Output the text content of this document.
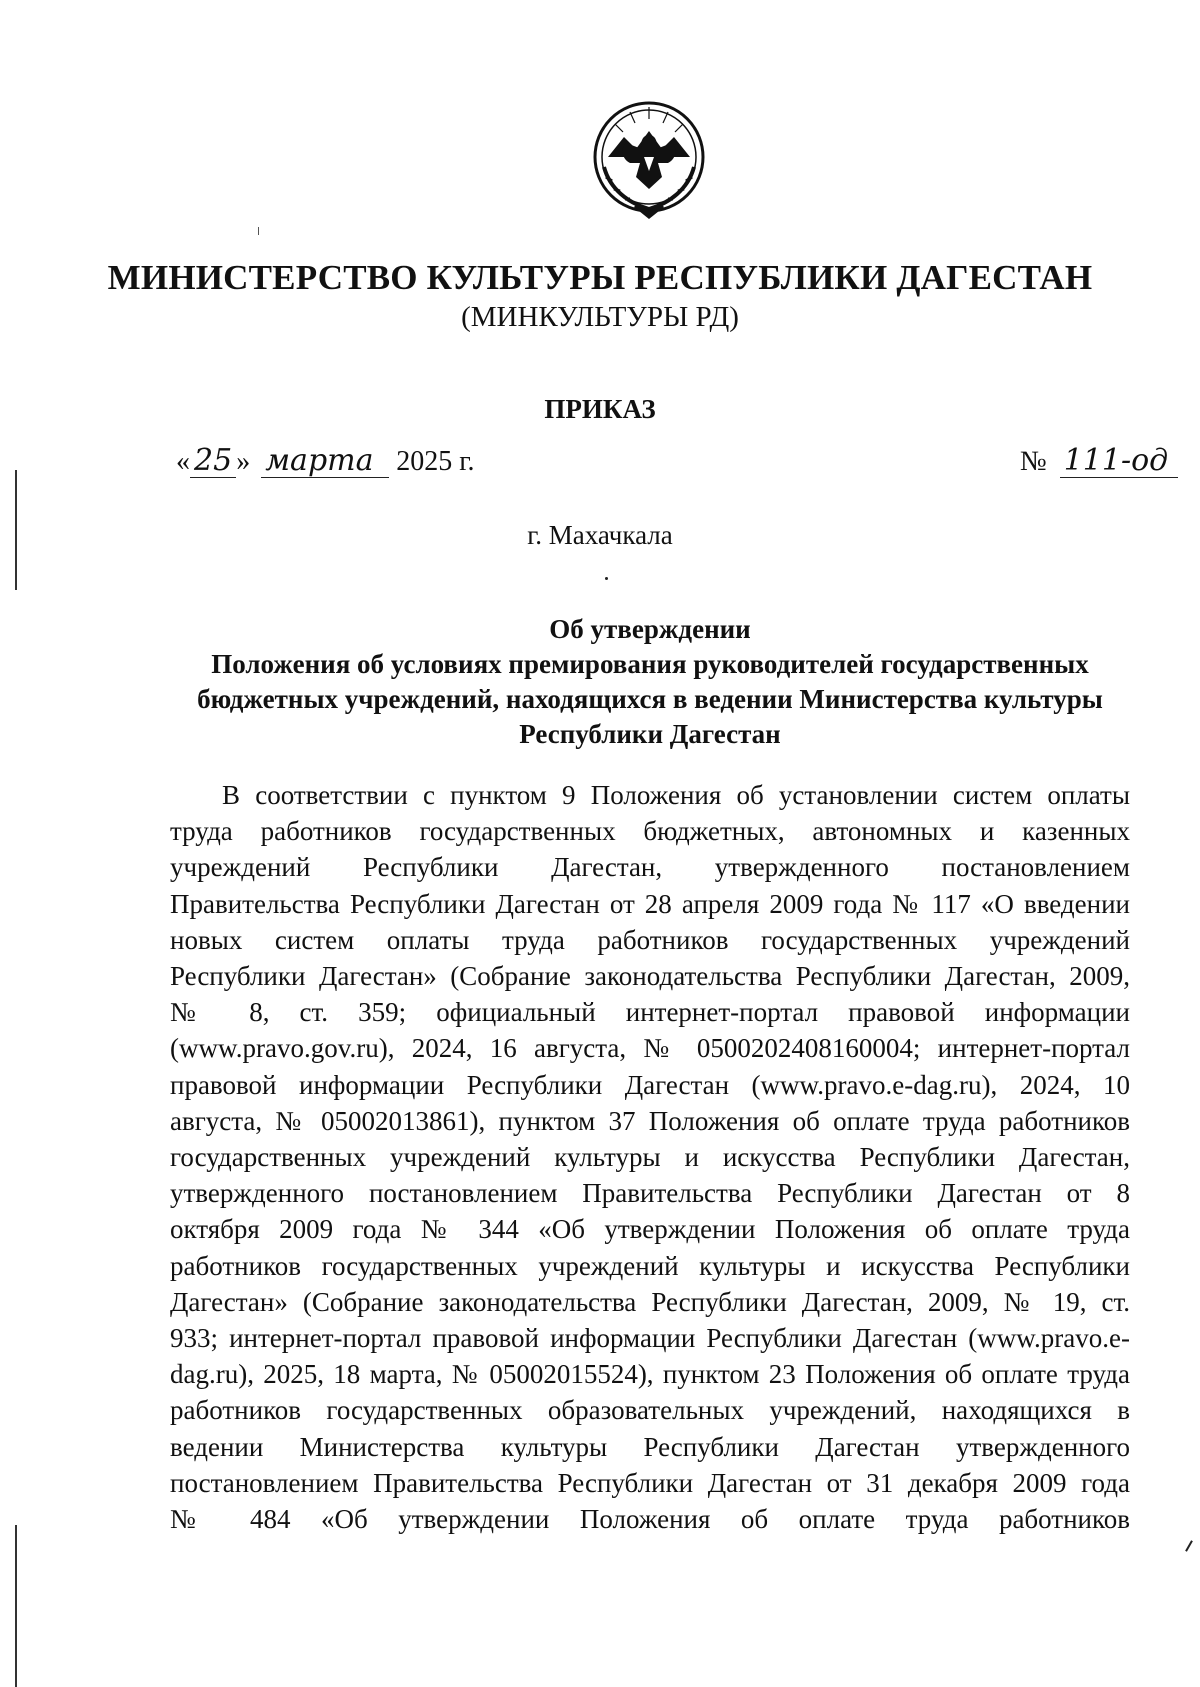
МИНИСТЕРСТВО КУЛЬТУРЫ РЕСПУБЛИКИ ДАГЕСТАН
(МИНКУЛЬТУРЫ РД)
ПРИКАЗ
« 25 » марта 2025 г.	№ 111-од
г. Махачкала
Об утверждении
Положения об условиях премирования руководителей государственных
бюджетных учреждений, находящихся в ведении Министерства культуры
Республики Дагестан
В соответствии с пунктом 9 Положения об установлении систем оплаты
труда работников государственных бюджетных, автономных и казенных
учреждений Республики Дагестан, утвержденного постановлением
Правительства Республики Дагестан от 28 апреля 2009 года № 117 «О введении
новых систем оплаты труда работников государственных учреждений
Республики Дагестан» (Собрание законодательства Республики Дагестан, 2009,
№ 8, ст. 359; официальный интернет-портал правовой информации
(www.pravo.gov.ru), 2024, 16 августа, № 0500202408160004; интернет-портал
правовой информации Республики Дагестан (www.pravo.e-dag.ru), 2024, 10
августа, № 05002013861), пунктом 37 Положения об оплате труда работников
государственных учреждений культуры и искусства Республики Дагестан,
утвержденного постановлением Правительства Республики Дагестан от 8
октября 2009 года № 344 «Об утверждении Положения об оплате труда
работников государственных учреждений культуры и искусства Республики
Дагестан» (Собрание законодательства Республики Дагестан, 2009, № 19, ст.
933; интернет-портал правовой информации Республики Дагестан (www.pravo.e-
dag.ru), 2025, 18 марта, № 05002015524), пунктом 23 Положения об оплате труда
работников государственных образовательных учреждений, находящихся в
ведении Министерства культуры Республики Дагестан утвержденного
постановлением Правительства Республики Дагестан от 31 декабря 2009 года
№ 484 «Об утверждении Положения об оплате труда работников
